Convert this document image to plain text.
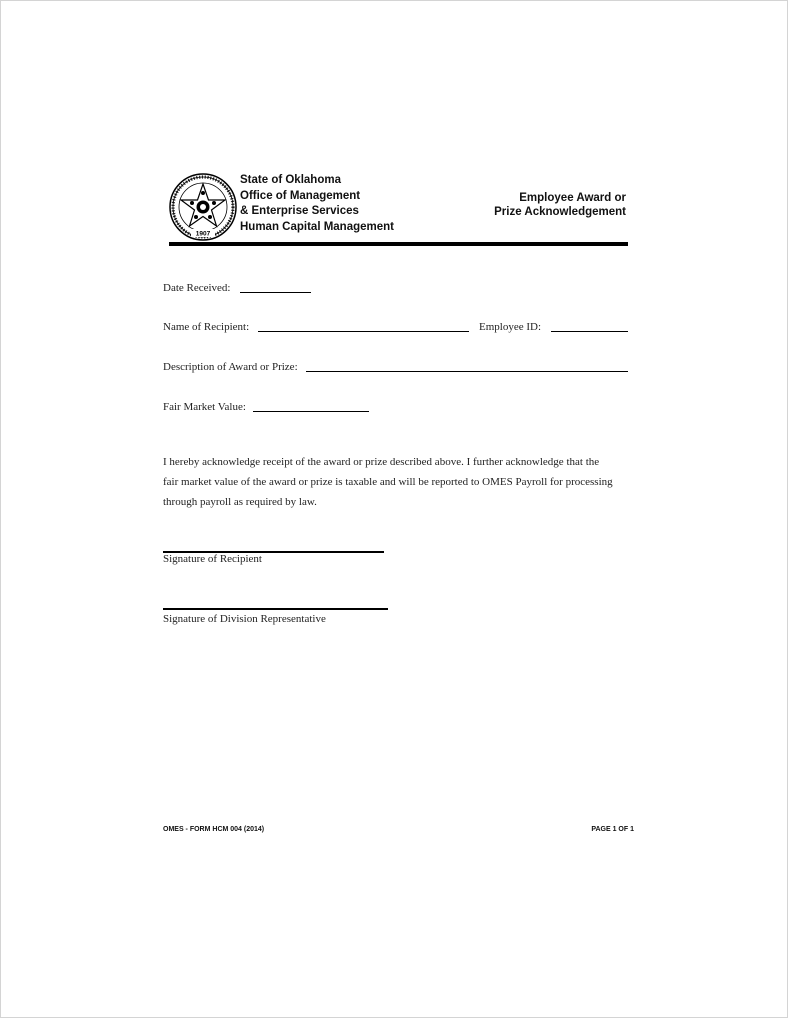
1907
State of Oklahoma
Office of Management
& Enterprise Services
Human Capital Management
Employee Award or
Prize Acknowledgement
Date Received:
Name of Recipient:	Employee ID:
Description of Award or Prize:
Fair Market Value:
I hereby acknowledge receipt of the award or prize described above. I further acknowledge that the
fair market value of the award or prize is taxable and will be reported to OMES Payroll for processing
through payroll as required by law.
Signature of Recipient
Signature of Division Representative
OMES - FORM HCM 004 (2014)	PAGE 1 OF 1
